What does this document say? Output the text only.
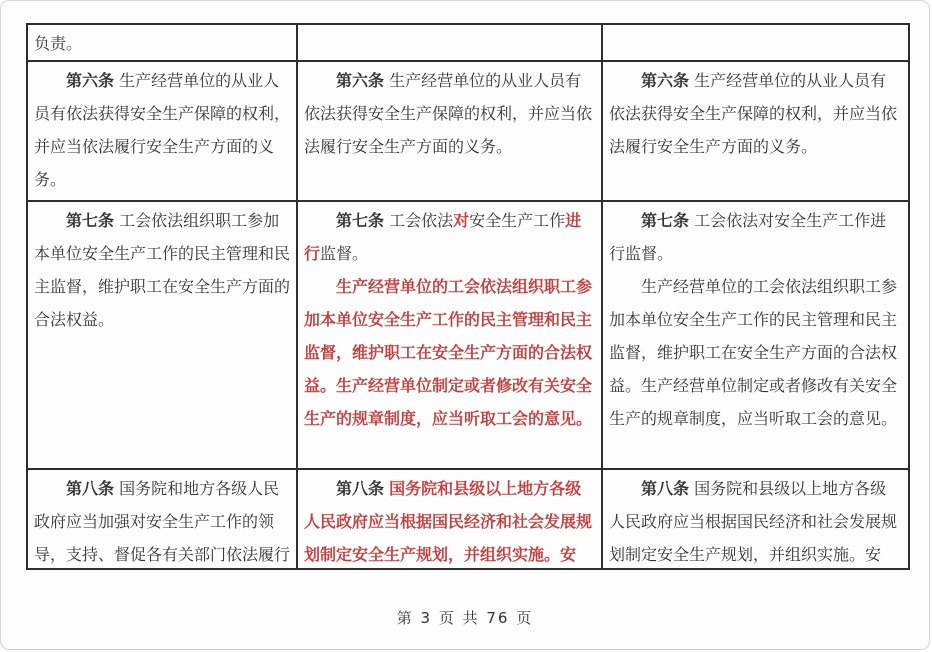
负责。

第六条 生产经营单位的从业人员有依法获得安全生产保障的权利，并应当依法履行安全生产方面的义务。

第六条 生产经营单位的从业人员有依法获得安全生产保障的权利，并应当依法履行安全生产方面的义务。

第六条 生产经营单位的从业人员有依法获得安全生产保障的权利，并应当依法履行安全生产方面的义务。

第七条 工会依法组织职工参加本单位安全生产工作的民主管理和民主监督，维护职工在安全生产方面的合法权益。

第七条 工会依法对安全生产工作进行监督。

生产经营单位的工会依法组织职工参加本单位安全生产工作的民主管理和民主监督，维护职工在安全生产方面的合法权益。生产经营单位制定或者修改有关安全生产的规章制度，应当听取工会的意见。

第七条 工会依法对安全生产工作进行监督。

生产经营单位的工会依法组织职工参加本单位安全生产工作的民主管理和民主监督，维护职工在安全生产方面的合法权益。生产经营单位制定或者修改有关安全生产的规章制度，应当听取工会的意见。

第八条 国务院和地方各级人民政府应当加强对安全生产工作的领导，支持、督促各有关部门依法履行

第八条 国务院和县级以上地方各级人民政府应当根据国民经济和社会发展规划制定安全生产规划，并组织实施。安

第八条 国务院和县级以上地方各级人民政府应当根据国民经济和社会发展规划制定安全生产规划，并组织实施。安

第 3 页 共 76 页
